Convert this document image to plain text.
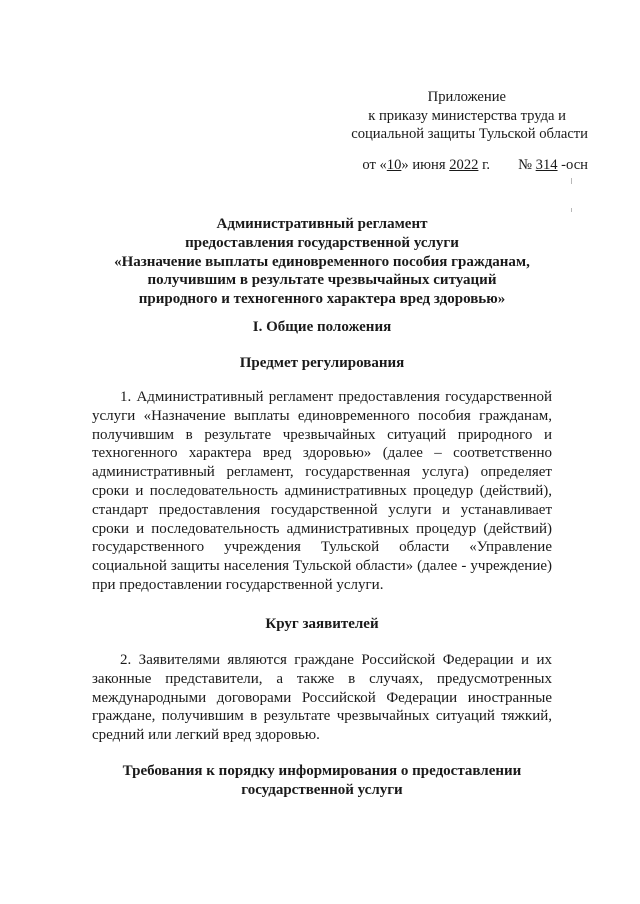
Приложение
к приказу министерства труда и
социальной защиты Тульской области
от «10» июня 2022 г. № 314 -осн
Административный регламент
предоставления государственной услуги
«Назначение выплаты единовременного пособия гражданам,
получившим в результате чрезвычайных ситуаций
природного и техногенного характера вред здоровью»
I. Общие положения
Предмет регулирования
1. Административный регламент предоставления государственной услуги «Назначение выплаты единовременного пособия гражданам, получившим в результате чрезвычайных ситуаций природного и техногенного характера вред здоровью» (далее – соответственно административный регламент, государственная услуга) определяет сроки и последовательность административных процедур (действий), стандарт предоставления государственной услуги и устанавливает сроки и последовательность административных процедур (действий) государственного учреждения Тульской области «Управление социальной защиты населения Тульской области» (далее - учреждение) при предоставлении государственной услуги.
Круг заявителей
2. Заявителями являются граждане Российской Федерации и их законные представители, а также в случаях, предусмотренных международными договорами Российской Федерации иностранные граждане, получившим в результате чрезвычайных ситуаций тяжкий, средний или легкий вред здоровью.
Требования к порядку информирования о предоставлении
государственной услуги
